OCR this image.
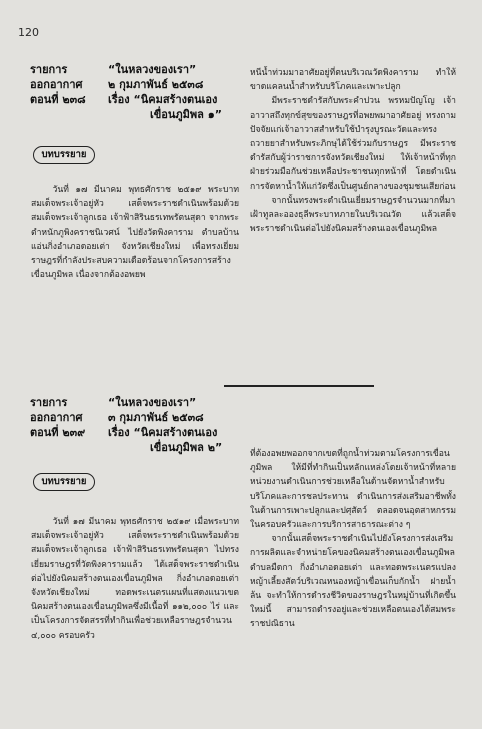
120
รายการ	“ในหลวงของเรา”
ออกอากาศ ๒ กุมภาพันธ์ ๒๕๓๘
ตอนที่ ๒๓๘ เรื่อง “นิคมสร้างตนเอง
เขื่อนภูมิพล ๑”
บทบรรยาย

วันที่ ๑๗ มีนาคม พุทธศักราช ๒๕๑๙ พระบาทสมเด็จพระเจ้าอยู่หัว เสด็จพระราชดำเนินพร้อมด้วยสมเด็จพระเจ้าลูกเธอ เจ้าฟ้าสิรินธรเทพรัตนสุดา จากพระตำหนักภูพิงคราชนิเวศน์ ไปยังวัดพิงคาราม ตำบลบ้านแอ่นกิ่งอำเภอดอยเต่า จังหวัดเชียงใหม่ เพื่อทรงเยี่ยมราษฎรที่กำลังประสบความเดือดร้อนจากโครงการสร้างเขื่อนภูมิพล เนื่องจากต้องอพยพ

หนีน้ำท่วมมาอาศัยอยู่ที่ตนบริเวณวัดพิงคาราม ทำให้ขาดแคลนน้ำสำหรับบริโภคและเพาะปลูก

มีพระราชดำรัสกับพระคำปวน พรหมปัญโญ เจ้าอาวาสถึงทุกข์สุขของราษฎรที่อพยพมาอาศัยอยู่ ทรงถามปัจจัยแก่เจ้าอาวาสสำหรับใช้บำรุงบูรณะวัดและทรงถวายยาสำหรับพระภิกษุได้ใช้ร่วมกับราษฎร มีพระราชดำรัสกับผู้ว่าราชการจังหวัดเชียงใหม่ ให้เจ้าหน้าที่ทุกฝ่ายร่วมมือกันช่วยเหลือประชาชนทุกหน้าที่ โดยดำเนินการจัดหาน้ำให้แก่วัดซึ่งเป็นศูนย์กลางของชุมชนเสียก่อน

จากนั้นทรงพระดำเนินเยี่ยมราษฎรจำนวนมากที่มาเฝ้าทูลละอองธุลีพระบาทภายในบริเวณวัด แล้วเสด็จพระราชดำเนินต่อไปยังนิคมสร้างตนเองเขื่อนภูมิพล

รายการ	“ในหลวงของเรา”
ออกอากาศ ๓ กุมภาพันธ์ ๒๕๓๘
ตอนที่ ๒๓๙ เรื่อง “นิคมสร้างตนเอง
เขื่อนภูมิพล ๒”
บทบรรยาย

วันที่ ๑๗ มีนาคม พุทธศักราช ๒๕๑๙ เมื่อพระบาทสมเด็จพระเจ้าอยู่หัว เสด็จพระราชดำเนินพร้อมด้วยสมเด็จพระเจ้าลูกเธอ เจ้าฟ้าสิรินธรเทพรัตนสุดา ไปทรงเยี่ยมราษฎรที่วัดพิงคารามแล้ว ได้เสด็จพระราชดำเนินต่อไปยังนิคมสร้างตนเองเขื่อนภูมิพล กิ่งอำเภอดอยเต่า จังหวัดเชียงใหม่ ทอดพระเนตรแผนที่แสดงแนวเขตนิคมสร้างตนเองเขื่อนภูมิพลซึ่งมีเนื้อที่ ๑๑๒,๐๐๐ ไร่ และเป็นโครงการจัดสรรที่ทำกินเพื่อช่วยเหลือราษฎรจำนวน ๔,๐๐๐ ครอบครัว

ที่ต้องอพยพออกจากเขตที่ถูกน้ำท่วมตามโครงการเขื่อนภูมิพล ให้มีที่ทำกินเป็นหลักแหล่งโดยเจ้าหน้าที่หลายหน่วยงานดำเนินการช่วยเหลือในด้านจัดหาน้ำสำหรับบริโภคและการชลประทาน ดำเนินการส่งเสริมอาชีพทั้งในด้านการเพาะปลูกและปศุสัตว์ ตลอดจนอุตสาหกรรมในครอบครัวและการบริการสาธารณะต่าง ๆ

จากนั้นเสด็จพระราชดำเนินไปยังโครงการส่งเสริมการผลิตและจำหน่ายโคของนิคมสร้างตนเองเขื่อนภูมิพล ตำบลมืดกา กิ่งอำเภอดอยเต่า และทอดพระเนตรแปลงหญ้าเลี้ยงสัตว์บริเวณหนองหญ้าเขื่อนเก็บกักน้ำ ฝายน้ำล้น จะทำให้การดำรงชีวิตของราษฎรในหมู่บ้านที่เกิดขึ้นใหม่นี้ สามารถดำรงอยู่และช่วยเหลือตนเองได้สมพระราชปณิธาน
